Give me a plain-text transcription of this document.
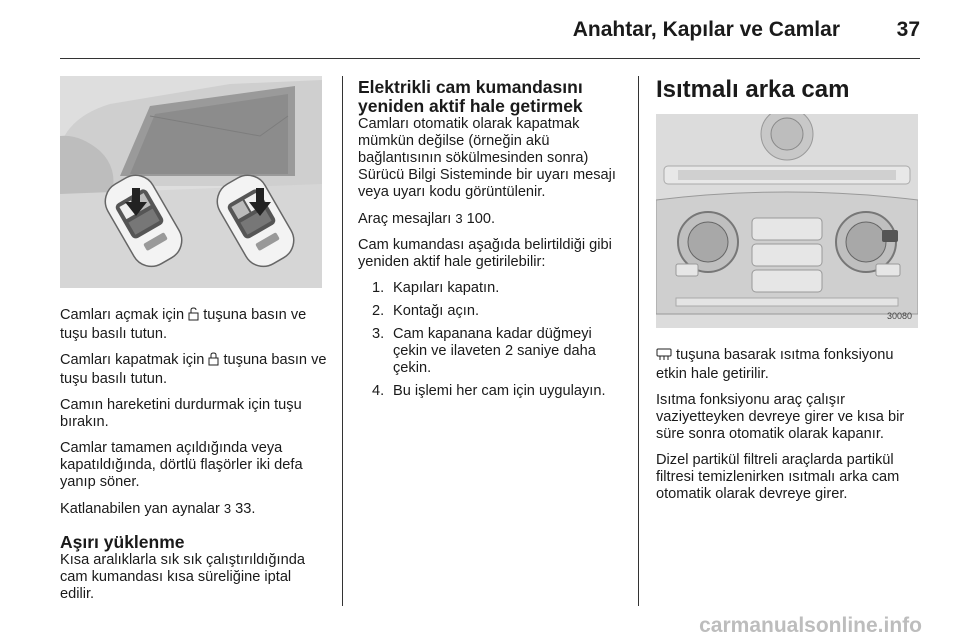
Anahtar, Kapılar ve Camlar	37

Camları açmak için  tuşuna basın ve tuşu basılı tutun.

Camları kapatmak için  tuşuna basın ve tuşu basılı tutun.

Camın hareketini durdurmak için tuşu bırakın.

Camlar tamamen açıldığında veya kapatıldığında, dörtlü flaşörler iki defa yanıp söner.

Katlanabilen yan aynalar 3 33.

Aşırı yüklenme

Kısa aralıklarla sık sık çalıştırıldığında cam kumandası kısa süreliğine iptal edilir.

Elektrikli cam kumandasını yeniden aktif hale getirmek

Camları otomatik olarak kapatmak mümkün değilse (örneğin akü bağlantısının sökülmesinden sonra) Sürücü Bilgi Sisteminde bir uyarı mesajı veya uyarı kodu görüntülenir.

Araç mesajları 3 100.

Cam kumandası aşağıda belirtildiği gibi yeniden aktif hale getirilebilir:

1. Kapıları kapatın.
2. Kontağı açın.
3. Cam kapanana kadar düğmeyi çekin ve ilaveten 2 saniye daha çekin.
4. Bu işlemi her cam için uygulayın.
Isıtmalı arka cam
30080

tuşuna basarak ısıtma fonksiyonu etkin hale getirilir.

Isıtma fonksiyonu araç çalışır vaziyetteyken devreye girer ve kısa bir süre sonra otomatik olarak kapanır.

Dizel partikül filtreli araçlarda partikül filtresi temizlenirken ısıtmalı arka cam otomatik olarak devreye girer.

carmanualsonline.info
